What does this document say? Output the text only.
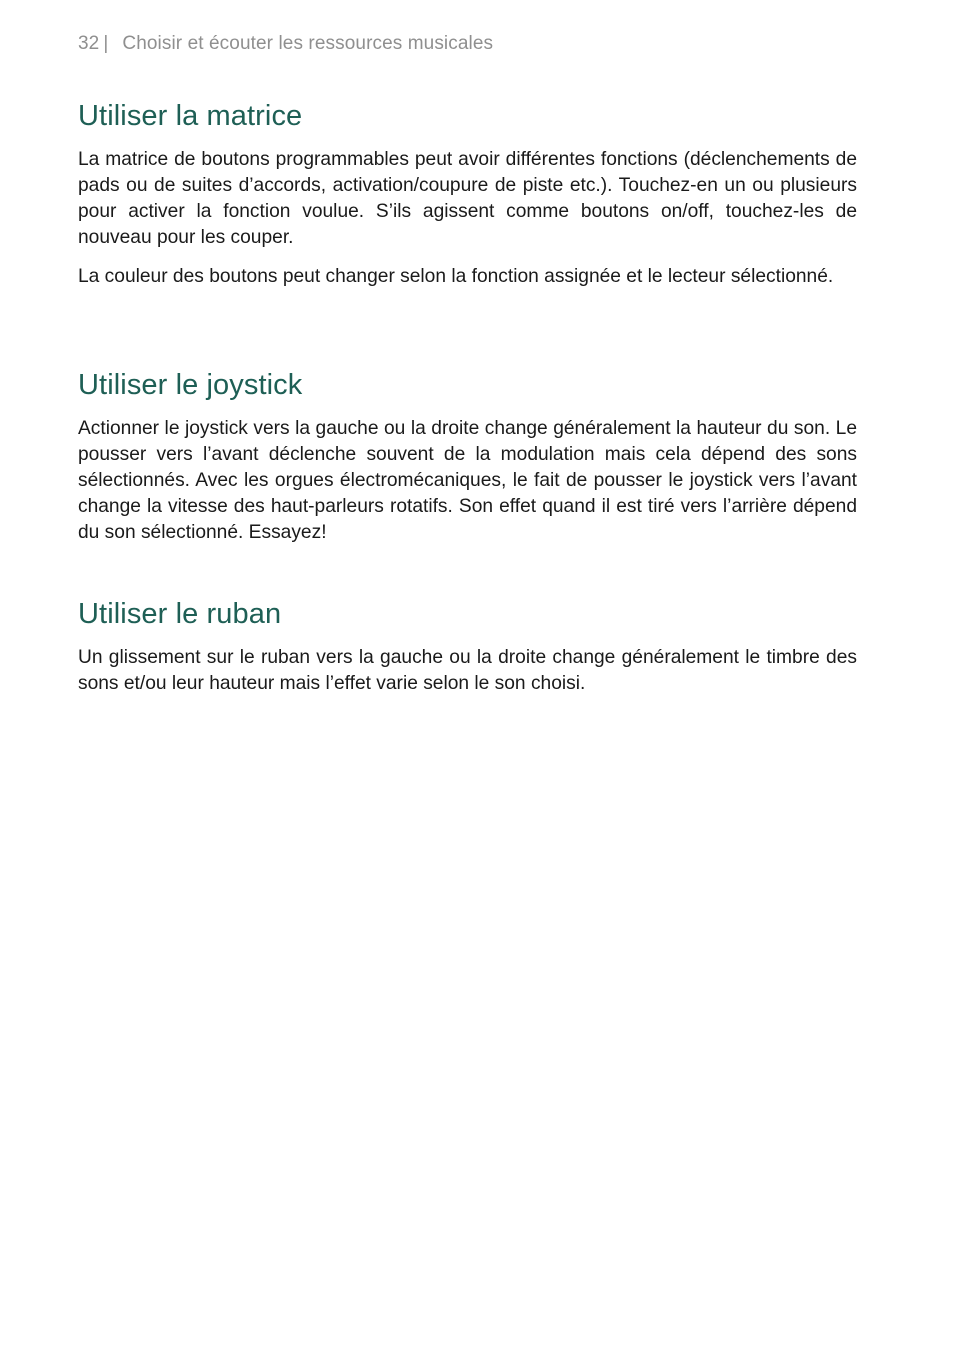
32 | Choisir et écouter les ressources musicales
Utiliser la matrice

La matrice de boutons programmables peut avoir différentes fonctions (déclenchements de pads ou de suites d’accords, activation/coupure de piste etc.). Touchez-en un ou plusieurs pour activer la fonction voulue. S’ils agissent comme boutons on/off, touchez-les de nouveau pour les couper.

La couleur des boutons peut changer selon la fonction assignée et le lecteur sélectionné.

Utiliser le joystick

Actionner le joystick vers la gauche ou la droite change généralement la hauteur du son. Le pousser vers l’avant déclenche souvent de la modulation mais cela dépend des sons sélectionnés. Avec les orgues électromécaniques, le fait de pousser le joystick vers l’avant change la vitesse des haut-parleurs rotatifs. Son effet quand il est tiré vers l’arrière dépend du son sélectionné. Essayez!

Utiliser le ruban

Un glissement sur le ruban vers la gauche ou la droite change généralement le timbre des sons et/ou leur hauteur mais l’effet varie selon le son choisi.
